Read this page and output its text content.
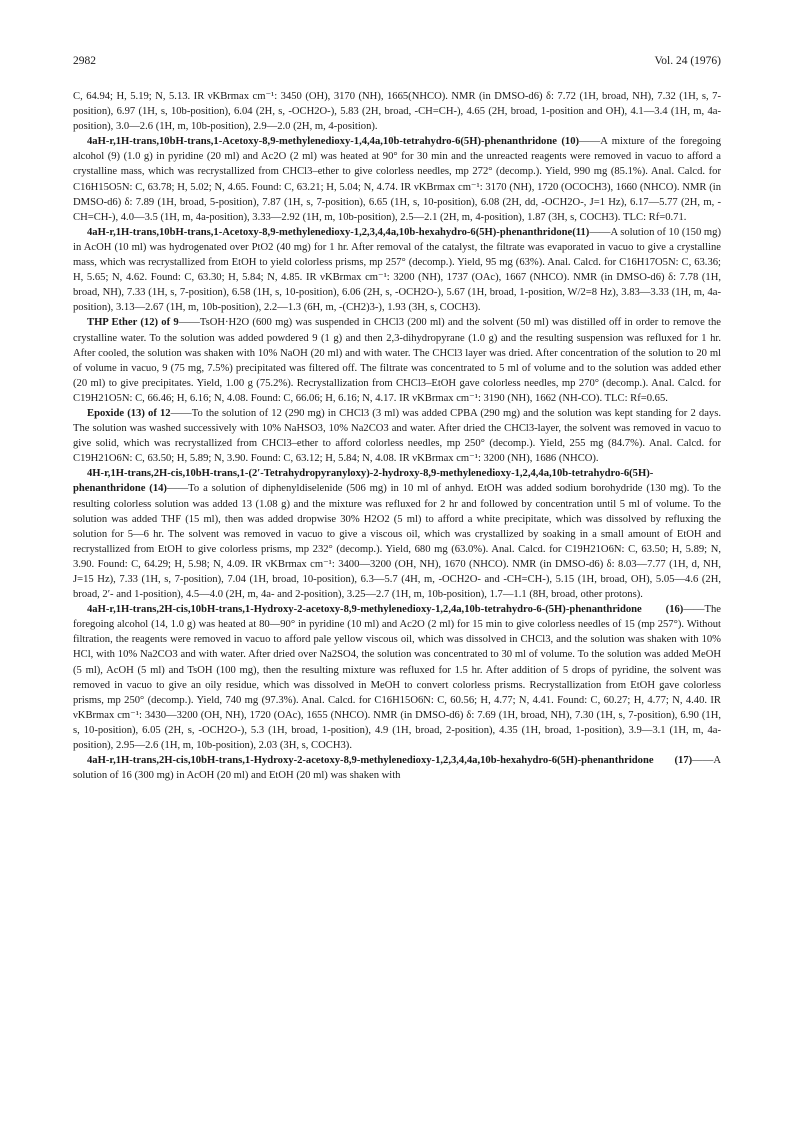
2982	Vol. 24 (1976)

C, 64.94; H, 5.19; N, 5.13. IR νKBrmax cm⁻¹: 3450 (OH), 3170 (NH), 1665(NHCO). NMR (in DMSO-d6) δ: 7.72 (1H, broad, NH), 7.32 (1H, s, 7-position), 6.97 (1H, s, 10b-position), 6.04 (2H, s, -OCH2O-), 5.83 (2H, broad, -CH=CH-), 4.65 (2H, broad, 1-position and OH), 4.1—3.4 (1H, m, 4a-position), 3.0—2.6 (1H, m, 10b-position), 2.9—2.0 (2H, m, 4-position).

4aH-r,1H-trans,10bH-trans,1-Acetoxy-8,9-methylenedioxy-1,4,4a,10b-tetrahydro-6(5H)-phenanthridone (10)——A mixture of the foregoing alcohol (9) (1.0 g) in pyridine (20 ml) and Ac2O (2 ml) was heated at 90° for 30 min and the unreacted reagents were removed in vacuo to afford a crystalline mass, which was recrystallized from CHCl3–ether to give colorless needles, mp 272° (decomp.). Yield, 990 mg (85.1%). Anal. Calcd. for C16H15O5N: C, 63.78; H, 5.02; N, 4.65. Found: C, 63.21; H, 5.04; N, 4.74. IR νKBrmax cm⁻¹: 3170 (NH), 1720 (OCOCH3), 1660 (NHCO). NMR (in DMSO-d6) δ: 7.89 (1H, broad, 5-position), 7.87 (1H, s, 7-position), 6.65 (1H, s, 10-position), 6.08 (2H, dd, -OCH2O-, J=1 Hz), 6.17—5.77 (2H, m, -CH=CH-), 4.0—3.5 (1H, m, 4a-position), 3.33—2.92 (1H, m, 10b-position), 2.5—2.1 (2H, m, 4-position), 1.87 (3H, s, COCH3). TLC: Rf=0.71.

4aH-r,1H-trans,10bH-trans,1-Acetoxy-8,9-methylenedioxy-1,2,3,4,4a,10b-hexahydro-6(5H)-phenanthridone(11)——A solution of 10 (150 mg) in AcOH (10 ml) was hydrogenated over PtO2 (40 mg) for 1 hr. After removal of the catalyst, the filtrate was evaporated in vacuo to give a crystalline mass, which was recrystallized from EtOH to yield colorless prisms, mp 257° (decomp.). Yield, 95 mg (63%). Anal. Calcd. for C16H17O5N: C, 63.36; H, 5.65; N, 4.62. Found: C, 63.30; H, 5.84; N, 4.85. IR νKBrmax cm⁻¹: 3200 (NH), 1737 (OAc), 1667 (NHCO). NMR (in DMSO-d6) δ: 7.78 (1H, broad, NH), 7.33 (1H, s, 7-position), 6.58 (1H, s, 10-position), 6.06 (2H, s, -OCH2O-), 5.67 (1H, broad, 1-position, W/2=8 Hz), 3.83—3.33 (1H, m, 4a-position), 3.13—2.67 (1H, m, 10b-position), 2.2—1.3 (6H, m, -(CH2)3-), 1.93 (3H, s, COCH3).

THP Ether (12) of 9——TsOH·H2O (600 mg) was suspended in CHCl3 (200 ml) and the solvent (50 ml) was distilled off in order to remove the crystalline water. To the solution was added powdered 9 (1 g) and then 2,3-dihydropyrane (1.0 g) and the resulting suspension was refluxed for 1 hr. After cooled, the solution was shaken with 10% NaOH (20 ml) and with water. The CHCl3 layer was dried. After concentration of the solution to 20 ml of volume in vacuo, 9 (75 mg, 7.5%) precipitated was filtered off. The filtrate was concentrated to 5 ml of volume and to the solution was added ether (20 ml) to give precipitates. Yield, 1.00 g (75.2%). Recrystallization from CHCl3–EtOH gave colorless needles, mp 270° (decomp.). Anal. Calcd. for C19H21O5N: C, 66.46; H, 6.16; N, 4.08. Found: C, 66.06; H, 6.16; N, 4.17. IR νKBrmax cm⁻¹: 3190 (NH), 1662 (NH-CO). TLC: Rf=0.65.

Epoxide (13) of 12——To the solution of 12 (290 mg) in CHCl3 (3 ml) was added CPBA (290 mg) and the solution was kept standing for 2 days. The solution was washed successively with 10% NaHSO3, 10% Na2CO3 and water. After dried the CHCl3-layer, the solvent was removed in vacuo to give solid, which was recrystallized from CHCl3–ether to afford colorless needles, mp 250° (decomp.). Yield, 255 mg (84.7%). Anal. Calcd. for C19H21O6N: C, 63.50; H, 5.89; N, 3.90. Found: C, 63.12; H, 5.84; N, 4.08. IR νKBrmax cm⁻¹: 3200 (NH), 1686 (NHCO).

4H-r,1H-trans,2H-cis,10bH-trans,1-(2′-Tetrahydropyranyloxy)-2-hydroxy-8,9-methylenedioxy-1,2,4,4a,10b-tetrahydro-6(5H)-phenanthridone (14)——To a solution of diphenyldiselenide (506 mg) in 10 ml of anhyd. EtOH was added sodium borohydride (130 mg). To the resulting colorless solution was added 13 (1.08 g) and the mixture was refluxed for 2 hr and followed by concentration until 5 ml of volume. To the solution was added THF (15 ml), then was added dropwise 30% H2O2 (5 ml) to afford a white precipitate, which was dissolved by refluxing the solution for 5—6 hr. The solvent was removed in vacuo to give a viscous oil, which was crystallized by soaking in a small amount of EtOH and recrystallized from EtOH to give colorless prisms, mp 232° (decomp.). Yield, 680 mg (63.0%). Anal. Calcd. for C19H21O6N: C, 63.50; H, 5.89; N, 3.90. Found: C, 64.29; H, 5.98; N, 4.09. IR νKBrmax cm⁻¹: 3400—3200 (OH, NH), 1670 (NHCO). NMR (in DMSO-d6) δ: 8.03—7.77 (1H, d, NH, J=15 Hz), 7.33 (1H, s, 7-position), 7.04 (1H, broad, 10-position), 6.3—5.7 (4H, m, -OCH2O- and -CH=CH-), 5.15 (1H, broad, OH), 5.05—4.6 (2H, broad, 2′- and 1-position), 4.5—4.0 (2H, m, 4a- and 2-position), 3.25—2.7 (1H, m, 10b-position), 1.7—1.1 (8H, broad, other protons).

4aH-r,1H-trans,2H-cis,10bH-trans,1-Hydroxy-2-acetoxy-8,9-methylenedioxy-1,2,4a,10b-tetrahydro-6-(5H)-phenanthridone (16)——The foregoing alcohol (14, 1.0 g) was heated at 80—90° in pyridine (10 ml) and Ac2O (2 ml) for 15 min to give colorless needles of 15 (mp 257°). Without filtration, the reagents were removed in vacuo to afford pale yellow viscous oil, which was dissolved in CHCl3, and the solution was shaken with 10% HCl, with 10% Na2CO3 and with water. After dried over Na2SO4, the solution was concentrated to 30 ml of volume. To the solution was added MeOH (5 ml), AcOH (5 ml) and TsOH (100 mg), then the resulting mixture was refluxed for 1.5 hr. After addition of 5 drops of pyridine, the solvent was removed in vacuo to give an oily residue, which was dissolved in MeOH to convert colorless prisms. Recrystallization from EtOH gave colorless prisms, mp 250° (decomp.). Yield, 740 mg (97.3%). Anal. Calcd. for C16H15O6N: C, 60.56; H, 4.77; N, 4.41. Found: C, 60.27; H, 4.77; N, 4.40. IR νKBrmax cm⁻¹: 3430—3200 (OH, NH), 1720 (OAc), 1655 (NHCO). NMR (in DMSO-d6) δ: 7.69 (1H, broad, NH), 7.30 (1H, s, 7-position), 6.90 (1H, s, 10-position), 6.05 (2H, s, -OCH2O-), 5.3 (1H, broad, 1-position), 4.9 (1H, broad, 2-position), 4.35 (1H, broad, 1-position), 3.9—3.1 (1H, m, 4a-position), 2.95—2.6 (1H, m, 10b-position), 2.03 (3H, s, COCH3).

4aH-r,1H-trans,2H-cis,10bH-trans,1-Hydroxy-2-acetoxy-8,9-methylenedioxy-1,2,3,4,4a,10b-hexahydro-6(5H)-phenanthridone (17)——A solution of 16 (300 mg) in AcOH (20 ml) and EtOH (20 ml) was shaken with
